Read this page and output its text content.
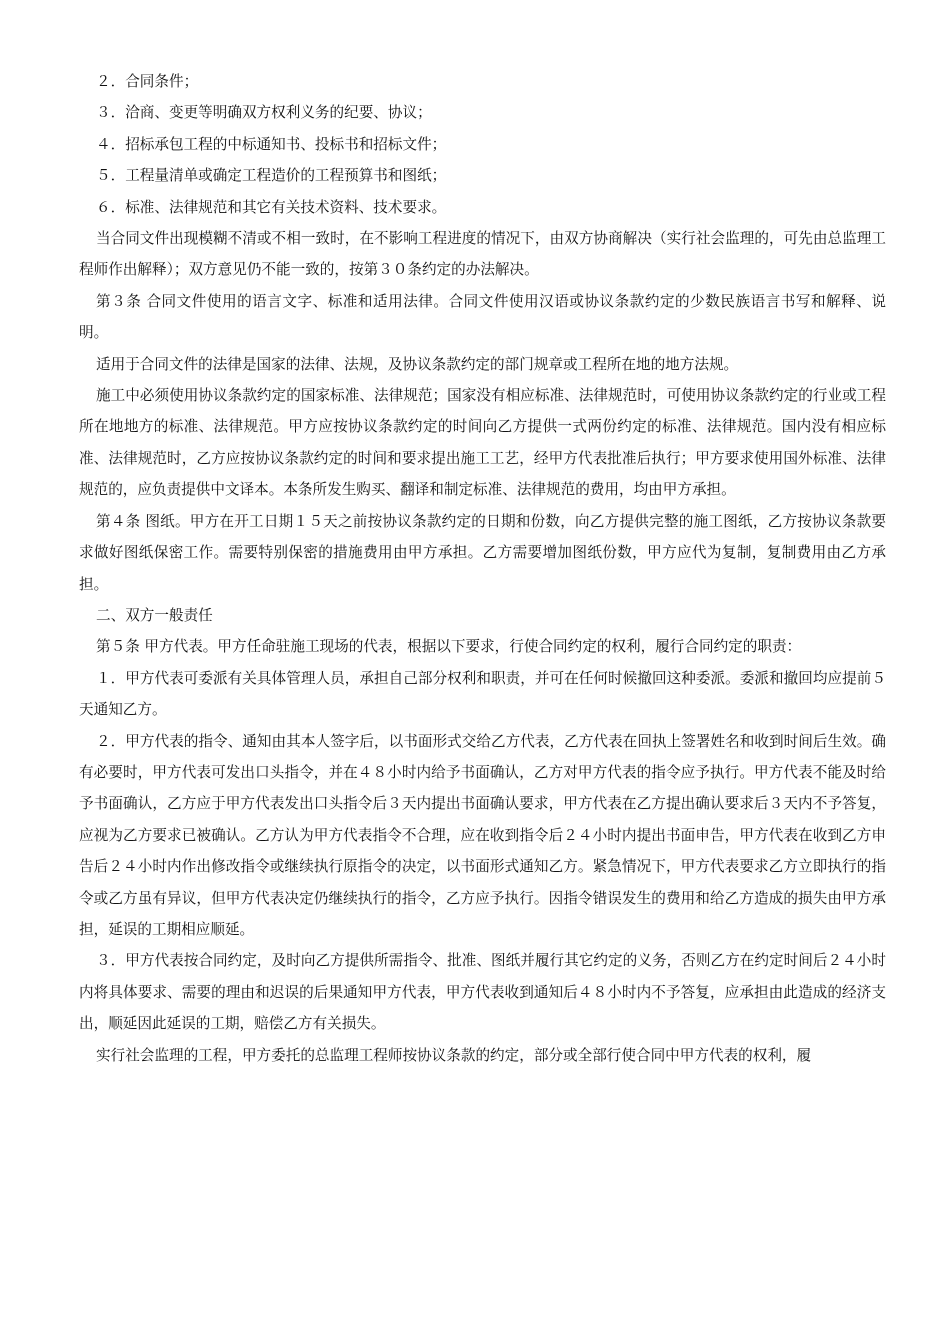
２．合同条件；

３．洽商、变更等明确双方权利义务的纪要、协议；

４．招标承包工程的中标通知书、投标书和招标文件；

５．工程量清单或确定工程造价的工程预算书和图纸；

６．标准、法律规范和其它有关技术资料、技术要求。

当合同文件出现模糊不清或不相一致时，在不影响工程进度的情况下，由双方协商解决（实行社会监理的，可先由总监理工程师作出解释）；双方意见仍不能一致的，按第３０条约定的办法解决。

第３条 合同文件使用的语言文字、标准和适用法律。合同文件使用汉语或协议条款约定的少数民族语言书写和解释、说明。

适用于合同文件的法律是国家的法律、法规，及协议条款约定的部门规章或工程所在地的地方法规。

施工中必须使用协议条款约定的国家标准、法律规范；国家没有相应标准、法律规范时，可使用协议条款约定的行业或工程所在地地方的标准、法律规范。甲方应按协议条款约定的时间向乙方提供一式两份约定的标准、法律规范。国内没有相应标准、法律规范时，乙方应按协议条款约定的时间和要求提出施工工艺，经甲方代表批准后执行；甲方要求使用国外标准、法律规范的，应负责提供中文译本。本条所发生购买、翻译和制定标准、法律规范的费用，均由甲方承担。

第４条 图纸。甲方在开工日期１５天之前按协议条款约定的日期和份数，向乙方提供完整的施工图纸，乙方按协议条款要求做好图纸保密工作。需要特别保密的措施费用由甲方承担。乙方需要增加图纸份数，甲方应代为复制，复制费用由乙方承担。

二、双方一般责任

第５条 甲方代表。甲方任命驻施工现场的代表，根据以下要求，行使合同约定的权利，履行合同约定的职责：

１．甲方代表可委派有关具体管理人员，承担自己部分权利和职责，并可在任何时候撤回这种委派。委派和撤回均应提前５天通知乙方。

２．甲方代表的指令、通知由其本人签字后，以书面形式交给乙方代表，乙方代表在回执上签署姓名和收到时间后生效。确有必要时，甲方代表可发出口头指令，并在４８小时内给予书面确认，乙方对甲方代表的指令应予执行。甲方代表不能及时给予书面确认，乙方应于甲方代表发出口头指令后３天内提出书面确认要求，甲方代表在乙方提出确认要求后３天内不予答复，应视为乙方要求已被确认。乙方认为甲方代表指令不合理，应在收到指令后２４小时内提出书面申告，甲方代表在收到乙方申告后２４小时内作出修改指令或继续执行原指令的决定，以书面形式通知乙方。紧急情况下，甲方代表要求乙方立即执行的指令或乙方虽有异议，但甲方代表决定仍继续执行的指令，乙方应予执行。因指令错误发生的费用和给乙方造成的损失由甲方承担，延误的工期相应顺延。

３．甲方代表按合同约定，及时向乙方提供所需指令、批准、图纸并履行其它约定的义务，否则乙方在约定时间后２４小时内将具体要求、需要的理由和迟误的后果通知甲方代表，甲方代表收到通知后４８小时内不予答复，应承担由此造成的经济支出，顺延因此延误的工期，赔偿乙方有关损失。

实行社会监理的工程，甲方委托的总监理工程师按协议条款的约定，部分或全部行使合同中甲方代表的权利，履
